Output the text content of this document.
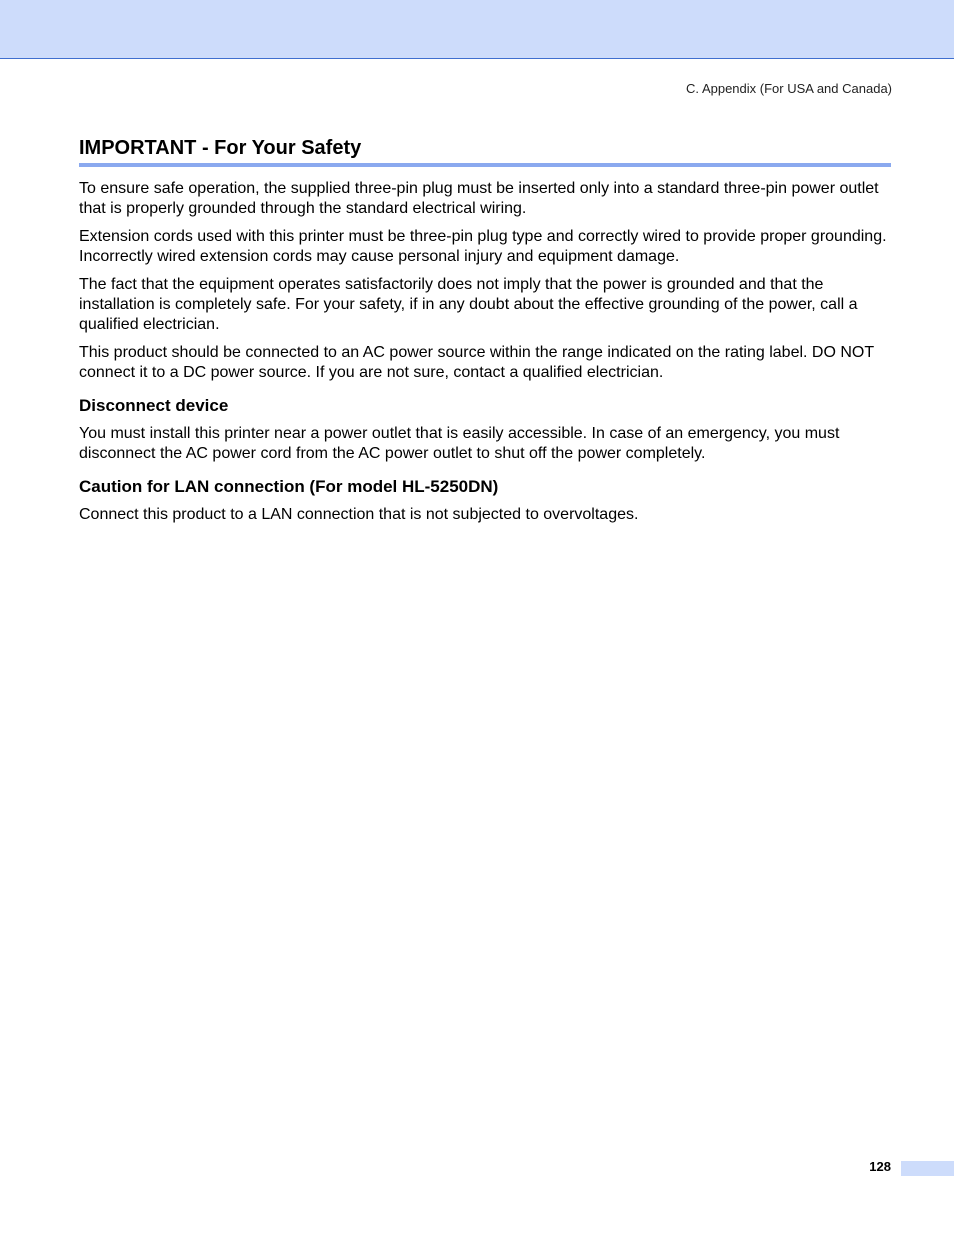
C. Appendix (For USA and Canada)
IMPORTANT - For Your Safety

To ensure safe operation, the supplied three-pin plug must be inserted only into a standard three-pin power outlet that is properly grounded through the standard electrical wiring.

Extension cords used with this printer must be three-pin plug type and correctly wired to provide proper grounding. Incorrectly wired extension cords may cause personal injury and equipment damage.

The fact that the equipment operates satisfactorily does not imply that the power is grounded and that the installation is completely safe. For your safety, if in any doubt about the effective grounding of the power, call a qualified electrician.

This product should be connected to an AC power source within the range indicated on the rating label. DO NOT connect it to a DC power source. If you are not sure, contact a qualified electrician.

Disconnect device

You must install this printer near a power outlet that is easily accessible. In case of an emergency, you must disconnect the AC power cord from the AC power outlet to shut off the power completely.

Caution for LAN connection (For model HL-5250DN)

Connect this product to a LAN connection that is not subjected to overvoltages.

128
